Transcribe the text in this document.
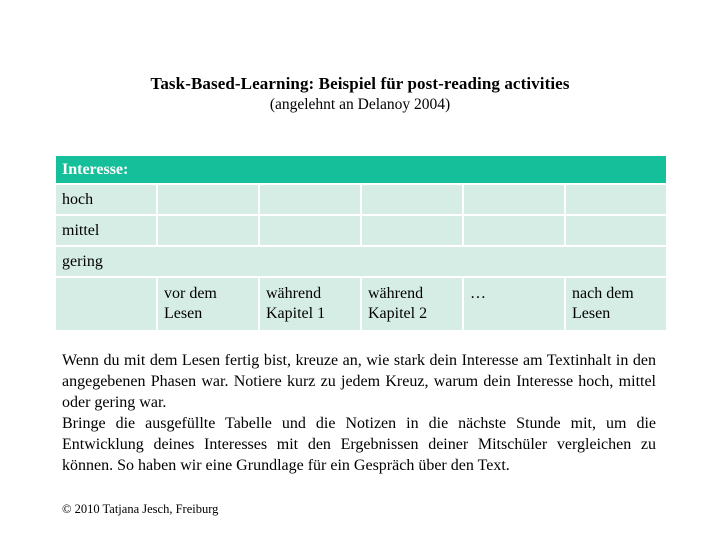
Task-Based-Learning: Beispiel für post-reading activities
(angelehnt an Delanoy 2004)
Interesse:					
hoch					
mittel					
gering					
	vor dem Lesen	während Kapitel 1	während Kapitel 2	…	nach dem Lesen

Wenn du mit dem Lesen fertig bist, kreuze an, wie stark dein Interesse am Textinhalt in den angegebenen Phasen war. Notiere kurz zu jedem Kreuz, warum dein Interesse hoch, mittel oder gering war.

Bringe die ausgefüllte Tabelle und die Notizen in die nächste Stunde mit, um die Entwicklung deines Interesses mit den Ergebnissen deiner Mitschüler vergleichen zu können. So haben wir eine Grundlage für ein Gespräch über den Text.

© 2010 Tatjana Jesch, Freiburg
